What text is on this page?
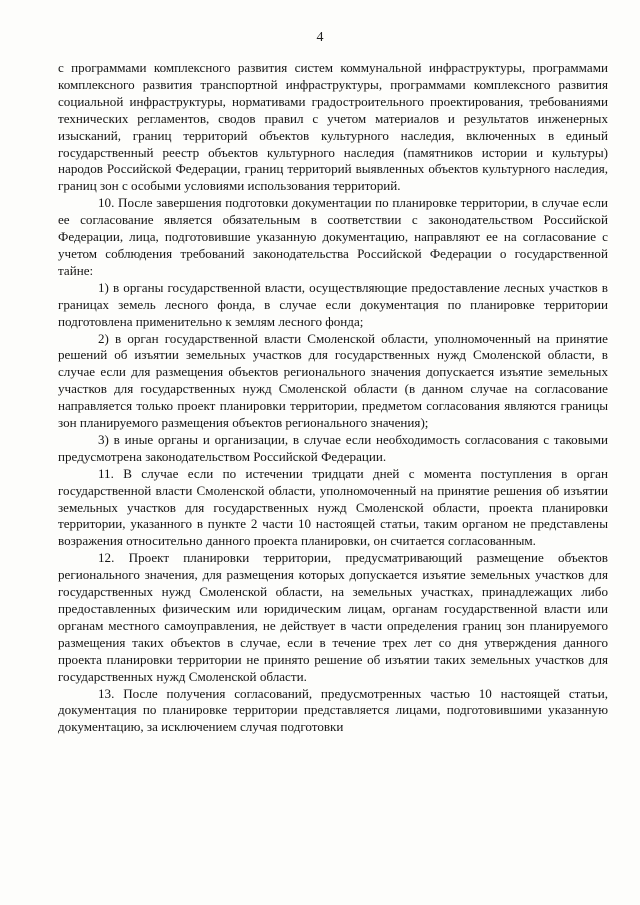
4

с программами комплексного развития систем коммунальной инфраструктуры, программами комплексного развития транспортной инфраструктуры, программами комплексного развития социальной инфраструктуры, нормативами градостроительного проектирования, требованиями технических регламентов, сводов правил с учетом материалов и результатов инженерных изысканий, границ территорий объектов культурного наследия, включенных в единый государственный реестр объектов культурного наследия (памятников истории и культуры) народов Российской Федерации, границ территорий выявленных объектов культурного наследия, границ зон с особыми условиями использования территорий.

10. После завершения подготовки документации по планировке территории, в случае если ее согласование является обязательным в соответствии с законодательством Российской Федерации, лица, подготовившие указанную документацию, направляют ее на согласование с учетом соблюдения требований законодательства Российской Федерации о государственной тайне:

1) в органы государственной власти, осуществляющие предоставление лесных участков в границах земель лесного фонда, в случае если документация по планировке территории подготовлена применительно к землям лесного фонда;

2) в орган государственной власти Смоленской области, уполномоченный на принятие решений об изъятии земельных участков для государственных нужд Смоленской области, в случае если для размещения объектов регионального значения допускается изъятие земельных участков для государственных нужд Смоленской области (в данном случае на согласование направляется только проект планировки территории, предметом согласования являются границы зон планируемого размещения объектов регионального значения);

3) в иные органы и организации, в случае если необходимость согласования с таковыми предусмотрена законодательством Российской Федерации.

11. В случае если по истечении тридцати дней с момента поступления в орган государственной власти Смоленской области, уполномоченный на принятие решения об изъятии земельных участков для государственных нужд Смоленской области, проекта планировки территории, указанного в пункте 2 части 10 настоящей статьи, таким органом не представлены возражения относительно данного проекта планировки, он считается согласованным.

12. Проект планировки территории, предусматривающий размещение объектов регионального значения, для размещения которых допускается изъятие земельных участков для государственных нужд Смоленской области, на земельных участках, принадлежащих либо предоставленных физическим или юридическим лицам, органам государственной власти или органам местного самоуправления, не действует в части определения границ зон планируемого размещения таких объектов в случае, если в течение трех лет со дня утверждения данного проекта планировки территории не принято решение об изъятии таких земельных участков для государственных нужд Смоленской области.

13. После получения согласований, предусмотренных частью 10 настоящей статьи, документация по планировке территории представляется лицами, подготовившими указанную документацию, за исключением случая подготовки
